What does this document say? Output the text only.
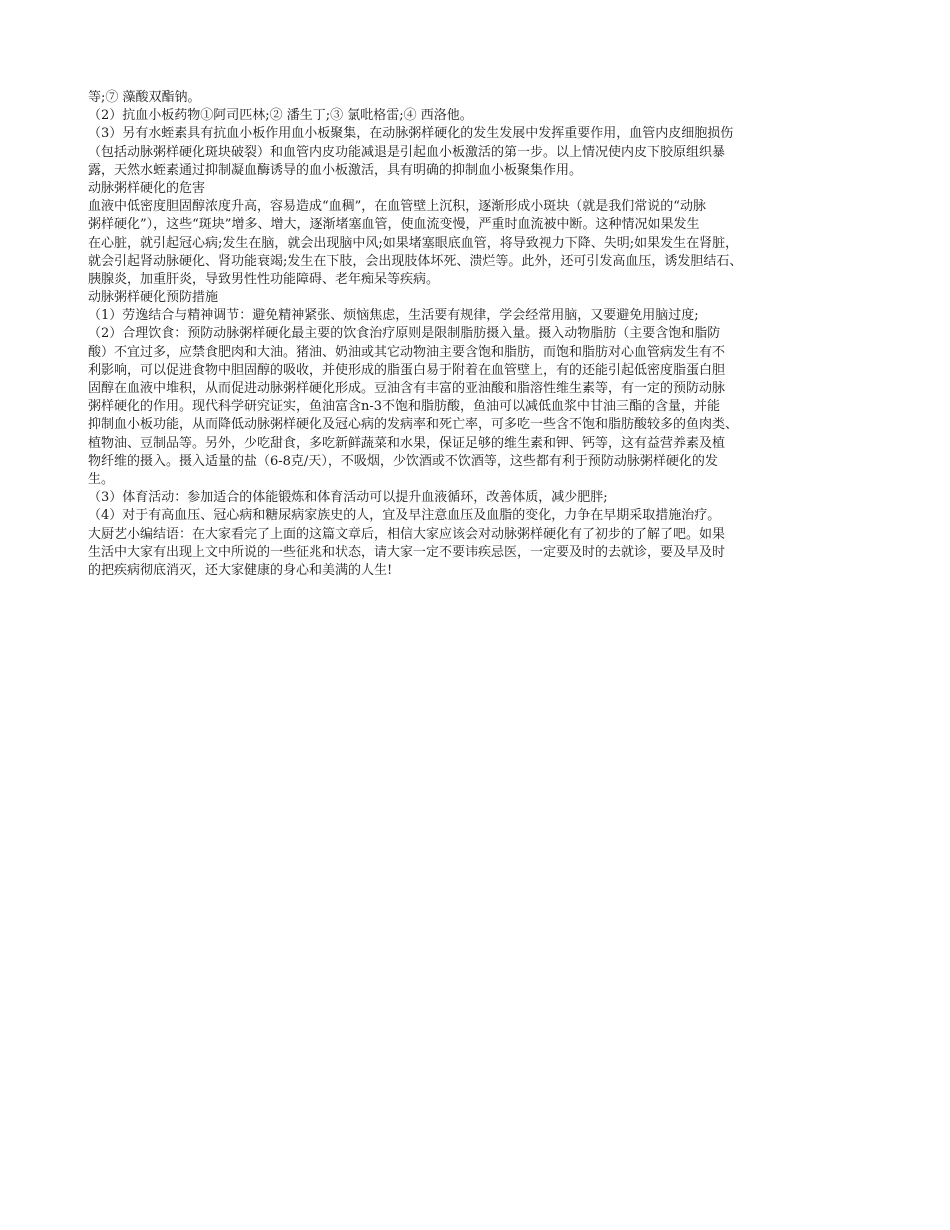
等;⑦ 藻酸双酯钠。
（2）抗血小板药物①阿司匹林;② 潘生丁;③ 氯吡格雷;④ 西洛他。
（3）另有水蛭素具有抗血小板作用血小板聚集，在动脉粥样硬化的发生发展中发挥重要作用，血管内皮细胞损伤
（包括动脉粥样硬化斑块破裂）和血管内皮功能减退是引起血小板激活的第一步。以上情况使内皮下胶原组织暴
露，天然水蛭素通过抑制凝血酶诱导的血小板激活，具有明确的抑制血小板聚集作用。
动脉粥样硬化的危害
血液中低密度胆固醇浓度升高，容易造成“血稠”，在血管壁上沉积，逐渐形成小斑块（就是我们常说的“动脉
粥样硬化”），这些“斑块”增多、增大，逐渐堵塞血管，使血流变慢，严重时血流被中断。这种情况如果发生
在心脏，就引起冠心病;发生在脑，就会出现脑中风;如果堵塞眼底血管，将导致视力下降、失明;如果发生在肾脏，
就会引起肾动脉硬化、肾功能衰竭;发生在下肢，会出现肢体坏死、溃烂等。此外，还可引发高血压，诱发胆结石、
胰腺炎，加重肝炎，导致男性性功能障碍、老年痴呆等疾病。
动脉粥样硬化预防措施
（1）劳逸结合与精神调节：避免精神紧张、烦恼焦虑，生活要有规律，学会经常用脑，又要避免用脑过度;
（2）合理饮食：预防动脉粥样硬化最主要的饮食治疗原则是限制脂肪摄入量。摄入动物脂肪（主要含饱和脂防
酸）不宜过多，应禁食肥肉和大油。猪油、奶油或其它动物油主要含饱和脂肪，而饱和脂肪对心血管病发生有不
利影响，可以促进食物中胆固醇的吸收，并使形成的脂蛋白易于附着在血管壁上，有的还能引起低密度脂蛋白胆
固醇在血液中堆积，从而促进动脉粥样硬化形成。豆油含有丰富的亚油酸和脂溶性维生素等，有一定的预防动脉
粥样硬化的作用。现代科学研究证实，鱼油富含n-3不饱和脂肪酸，鱼油可以减低血浆中甘油三酯的含量，并能
抑制血小板功能，从而降低动脉粥样硬化及冠心病的发病率和死亡率，可多吃一些含不饱和脂肪酸较多的鱼肉类、
植物油、豆制品等。另外，少吃甜食，多吃新鲜蔬菜和水果，保证足够的维生素和钾、钙等，这有益营养素及植
物纤维的摄入。摄入适量的盐（6-8克/天），不吸烟，少饮酒或不饮酒等，这些都有利于预防动脉粥样硬化的发
生。
（3）体育活动：参加适合的体能锻炼和体育活动可以提升血液循环，改善体质，减少肥胖;
（4）对于有高血压、冠心病和糖尿病家族史的人，宜及早注意血压及血脂的变化，力争在早期采取措施治疗。
大厨艺小编结语：在大家看完了上面的这篇文章后，相信大家应该会对动脉粥样硬化有了初步的了解了吧。如果
生活中大家有出现上文中所说的一些征兆和状态，请大家一定不要讳疾忌医，一定要及时的去就诊，要及早及时
的把疾病彻底消灭，还大家健康的身心和美满的人生!
